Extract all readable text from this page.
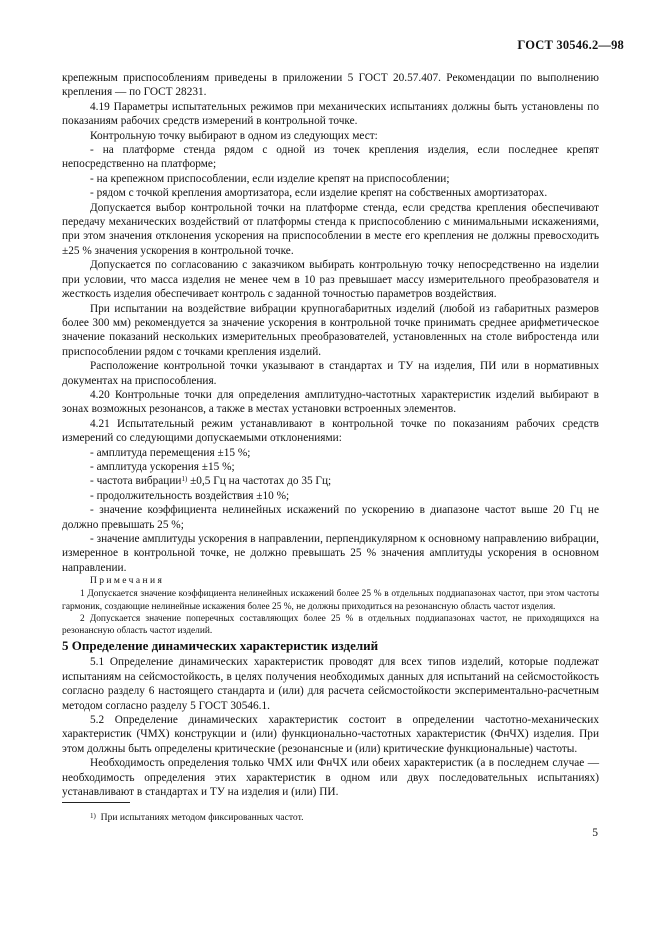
ГОСТ 30546.2—98

крепежным приспособлениям приведены в приложении 5 ГОСТ 20.57.407. Рекомендации по выполнению крепления — по ГОСТ 28231.

4.19 Параметры испытательных режимов при механических испытаниях должны быть установлены по показаниям рабочих средств измерений в контрольной точке.

Контрольную точку выбирают в одном из следующих мест:

- на платформе стенда рядом с одной из точек крепления изделия, если последнее крепят непосредственно на платформе;

- на крепежном приспособлении, если изделие крепят на приспособлении;

- рядом с точкой крепления амортизатора, если изделие крепят на собственных амортизаторах.

Допускается выбор контрольной точки на платформе стенда, если средства крепления обеспечивают передачу механических воздействий от платформы стенда к приспособлению с минимальными искажениями, при этом значения отклонения ускорения на приспособлении в месте его крепления не должны превосходить ±25 % значения ускорения в контрольной точке.

Допускается по согласованию с заказчиком выбирать контрольную точку непосредственно на изделии при условии, что масса изделия не менее чем в 10 раз превышает массу измерительного преобразователя и жесткость изделия обеспечивает контроль с заданной точностью параметров воздействия.

При испытании на воздействие вибрации крупногабаритных изделий (любой из габаритных размеров более 300 мм) рекомендуется за значение ускорения в контрольной точке принимать среднее арифметическое значение показаний нескольких измерительных преобразователей, установленных на столе вибростенда или приспособлении рядом с точками крепления изделий.

Расположение контрольной точки указывают в стандартах и ТУ на изделия, ПИ или в нормативных документах на приспособления.

4.20 Контрольные точки для определения амплитудно-частотных характеристик изделий выбирают в зонах возможных резонансов, а также в местах установки встроенных элементов.

4.21 Испытательный режим устанавливают в контрольной точке по показаниям рабочих средств измерений со следующими допускаемыми отклонениями:

- амплитуда перемещения ±15 %;

- амплитуда ускорения ±15 %;

- частота вибрации$^{1)}$ ±0,5 Гц на частотах до 35 Гц;

- продолжительность воздействия ±10 %;

- значение коэффициента нелинейных искажений по ускорению в диапазоне частот выше 20 Гц не должно превышать 25 %;

- значение амплитуды ускорения в направлении, перпендикулярном к основному направлению вибрации, измеренное в контрольной точке, не должно превышать 25 % значения амплитуды ускорения в основном направлении.

Примечания

1 Допускается значение коэффициента нелинейных искажений более 25 % в отдельных поддиапазонах частот, при этом частоты гармоник, создающие нелинейные искажения более 25 %, не должны приходиться на резонансную область частот изделия.

2 Допускается значение поперечных составляющих более 25 % в отдельных поддиапазонах частот, не приходящихся на резонансную область частот изделий.

5 Определение динамических характеристик изделий

5.1 Определение динамических характеристик проводят для всех типов изделий, которые подлежат испытаниям на сейсмостойкость, в целях получения необходимых данных для испытаний на сейсмостойкость согласно разделу 6 настоящего стандарта и (или) для расчета сейсмостойкости экспериментально-расчетным методом согласно разделу 5 ГОСТ 30546.1.

5.2 Определение динамических характеристик состоит в определении частотно-механических характеристик (ЧМХ) конструкции и (или) функционально-частотных характеристик (ФнЧХ) изделия. При этом должны быть определены критические (резонансные и (или) критические функциональные) частоты.

Необходимость определения только ЧМХ или ФнЧХ или обеих характеристик (а в последнем случае — необходимость определения этих характеристик в одном или двух последовательных испытаниях) устанавливают в стандартах и ТУ на изделия и (или) ПИ.

$^{1)}$ При испытаниях методом фиксированных частот.
5
